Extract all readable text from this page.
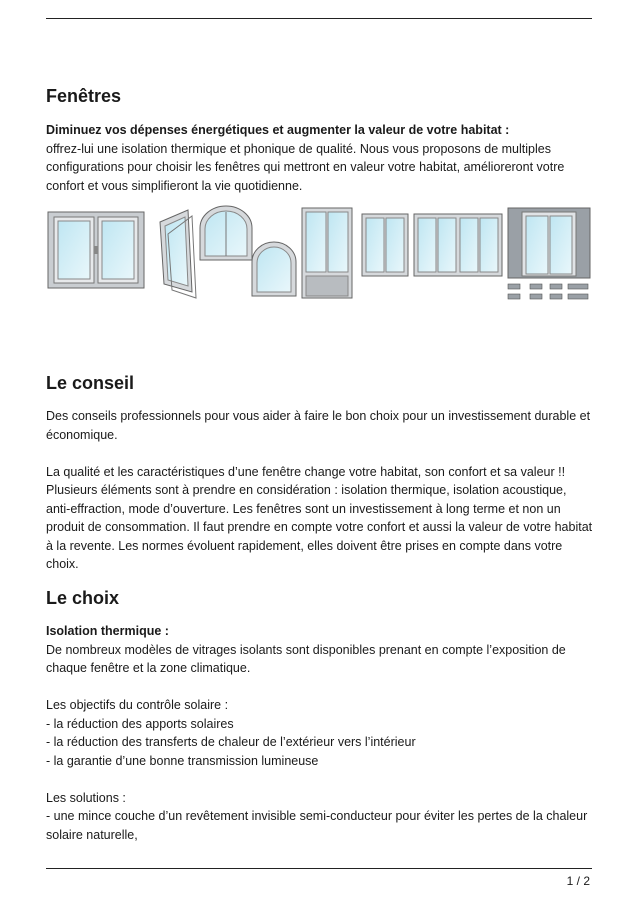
Fenêtres

Diminuez vos dépenses énergétiques et augmenter la valeur de votre habitat :

offrez-lui une isolation thermique et phonique de qualité. Nous vous proposons de multiples configurations pour choisir les fenêtres qui mettront en valeur votre habitat, amélioreront votre confort et vous simplifieront la vie quotidienne.

Le conseil

Des conseils professionnels pour vous aider à faire le bon choix pour un investissement durable et économique.

La qualité et les caractéristiques d’une fenêtre change votre habitat, son confort et sa valeur !! Plusieurs éléments sont à prendre en considération : isolation thermique, isolation acoustique, anti-effraction, mode d’ouverture. Les fenêtres sont un investissement à long terme et non un produit de consommation. Il faut prendre en compte votre confort et aussi la valeur de votre habitat à la revente. Les normes évoluent rapidement, elles doivent être prises en compte dans votre choix.

Le choix

Isolation thermique :

De nombreux modèles de vitrages isolants sont disponibles prenant en compte l’exposition de chaque fenêtre et la zone climatique.

Les objectifs du contrôle solaire :

- la réduction des apports solaires

- la réduction des transferts de chaleur de l’extérieur vers l’intérieur

- la garantie d’une bonne transmission lumineuse

Les solutions :

- une mince couche d’un revêtement invisible semi-conducteur pour éviter les pertes de la chaleur solaire naturelle,

1 / 2
